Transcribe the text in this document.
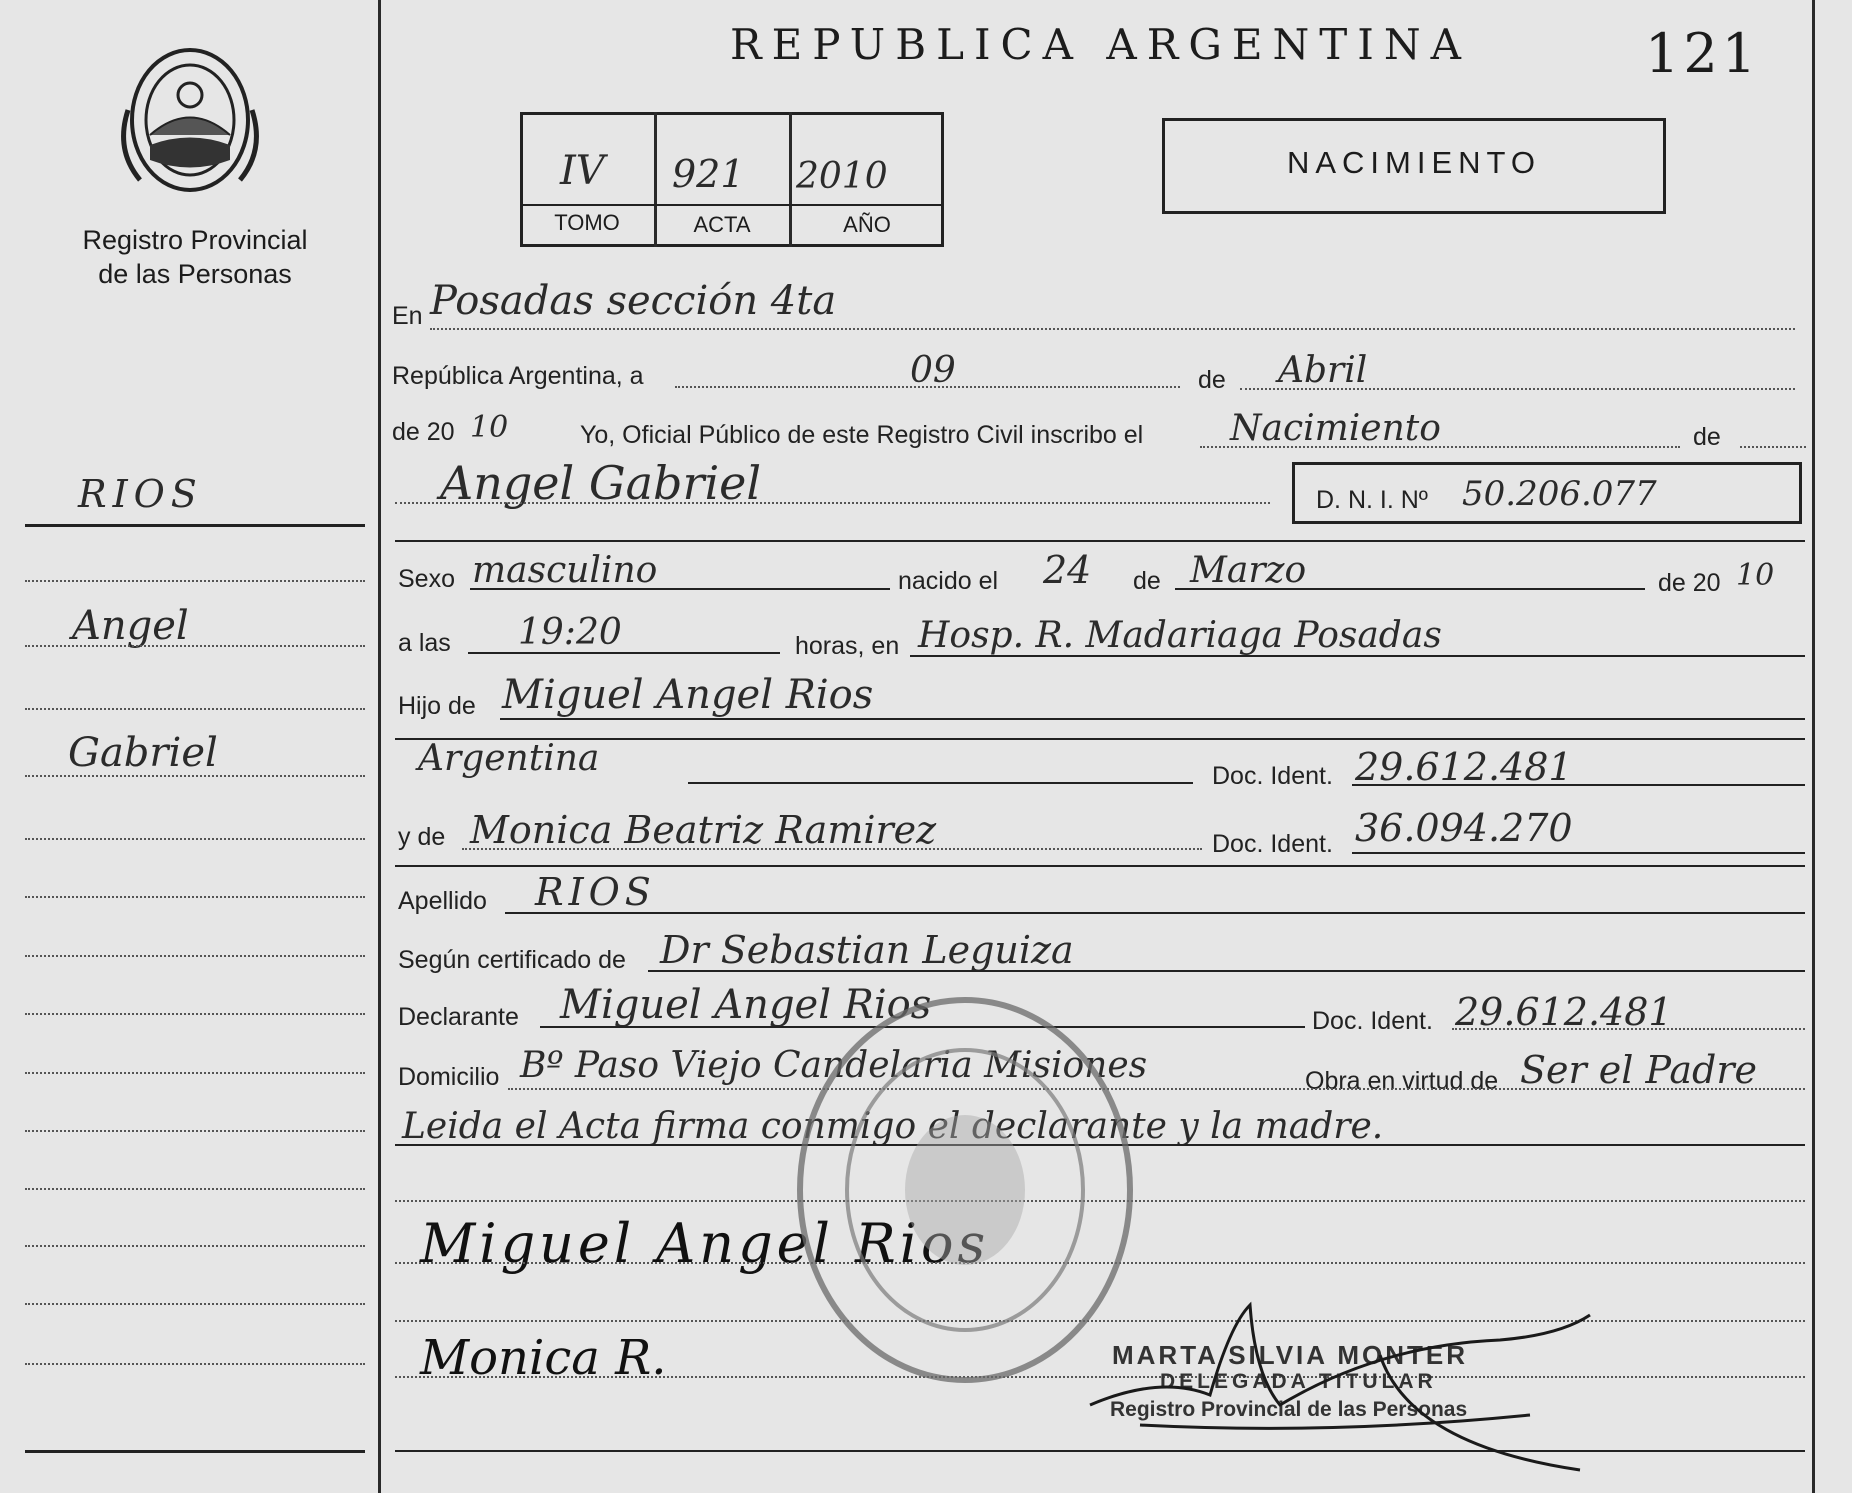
Registro Provincial
de las Personas
RIOS
Angel
Gabriel
REPUBLICA ARGENTINA	121
IV 921 2010
TOMO	ACTA	AÑO
NACIMIENTO
En Posadas sección 4ta
República Argentina, a	09	de Abril
de 20 10	Yo, Oficial Público de este Registro Civil inscribo el Nacimiento	de
Angel Gabriel	D. N. I. Nº 50.206.077
Sexo masculino	nacido el 24 de Marzo	de 20 10
a las 19:20	horas, en Hosp. R. Madariaga Posadas
Hijo de Miguel Angel Rios
Argentina	Doc. Ident. 29.612.481
y de Monica Beatriz Ramirez	Doc. Ident. 36.094.270
Apellido RIOS
Según certificado de Dr Sebastian Leguiza
Declarante Miguel Angel Rios	Doc. Ident. 29.612.481
Domicilio Bº Paso Viejo Candelaria Misiones	Obra en virtud de Ser el Padre
Leida el Acta firma conmigo el declarante y la madre.
Miguel Angel Rios
Monica R.	MARTA SILVIA MONTER
DELEGADA TITULAR
Registro Provincial de las Personas
